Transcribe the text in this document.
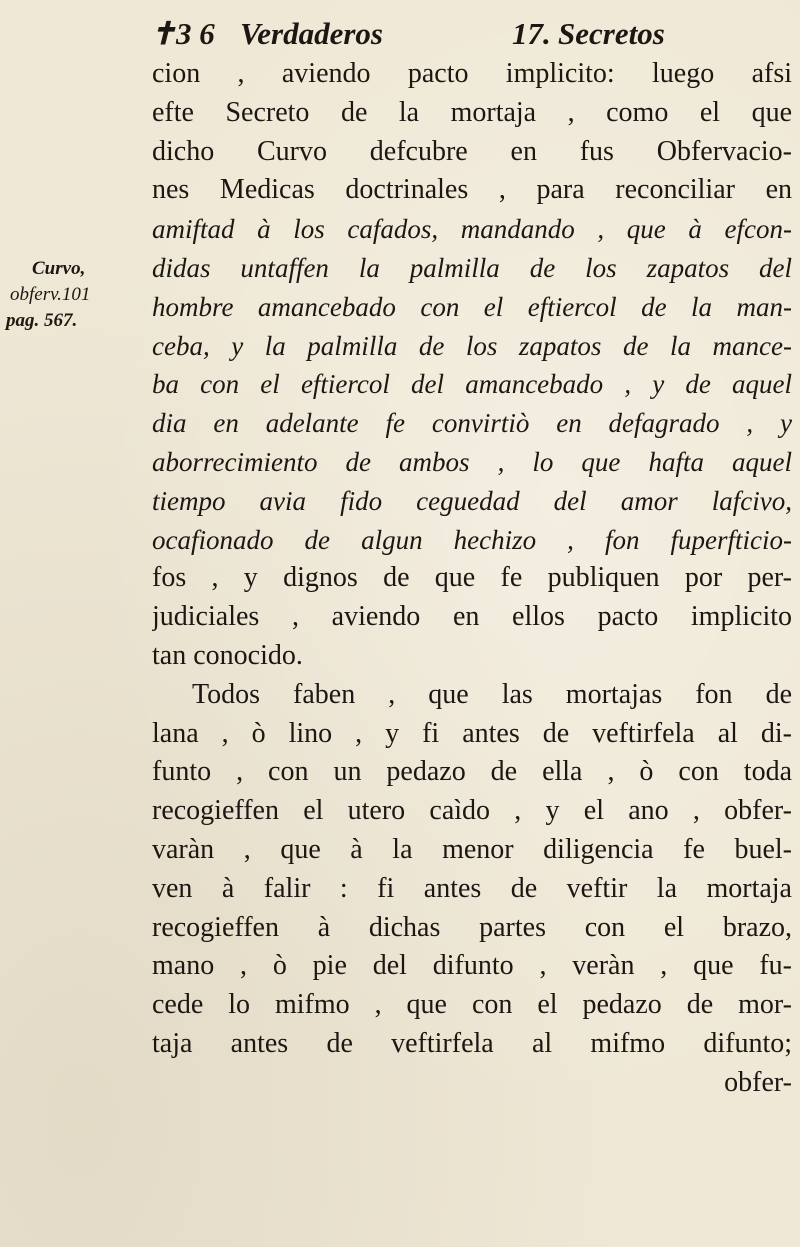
✝3 6 Verdaderos	17. Secretos
Curvo,
obferv.101
pag. 567.
cion , aviendo pacto implicito: luego afsi
efte Secreto de la mortaja , como el que
dicho Curvo defcubre en fus Obfervacio-
nes Medicas doctrinales , para reconciliar en
amiftad à los cafados, mandando , que à efcon-
didas untaffen la palmilla de los zapatos del
hombre amancebado con el eftiercol de la man-
ceba, y la palmilla de los zapatos de la mance-
ba con el eftiercol del amancebado , y de aquel
dia en adelante fe convirtiò en defagrado , y
aborrecimiento de ambos , lo que hafta aquel
tiempo avia fido ceguedad del amor lafcivo,
ocafionado de algun hechizo , fon fuperfticio-
fos , y dignos de que fe publiquen por per-
judiciales , aviendo en ellos pacto implicito
tan conocido.
Todos faben , que las mortajas fon de
lana , ò lino , y fi antes de veftirfela al di-
funto , con un pedazo de ella , ò con toda
recogieffen el utero caìdo , y el ano , obfer-
varàn , que à la menor diligencia fe buel-
ven à falir : fi antes de veftir la mortaja
recogieffen à dichas partes con el brazo,
mano , ò pie del difunto , veràn , que fu-
cede lo mifmo , que con el pedazo de mor-
taja antes de veftirfela al mifmo difunto;
obfer-
